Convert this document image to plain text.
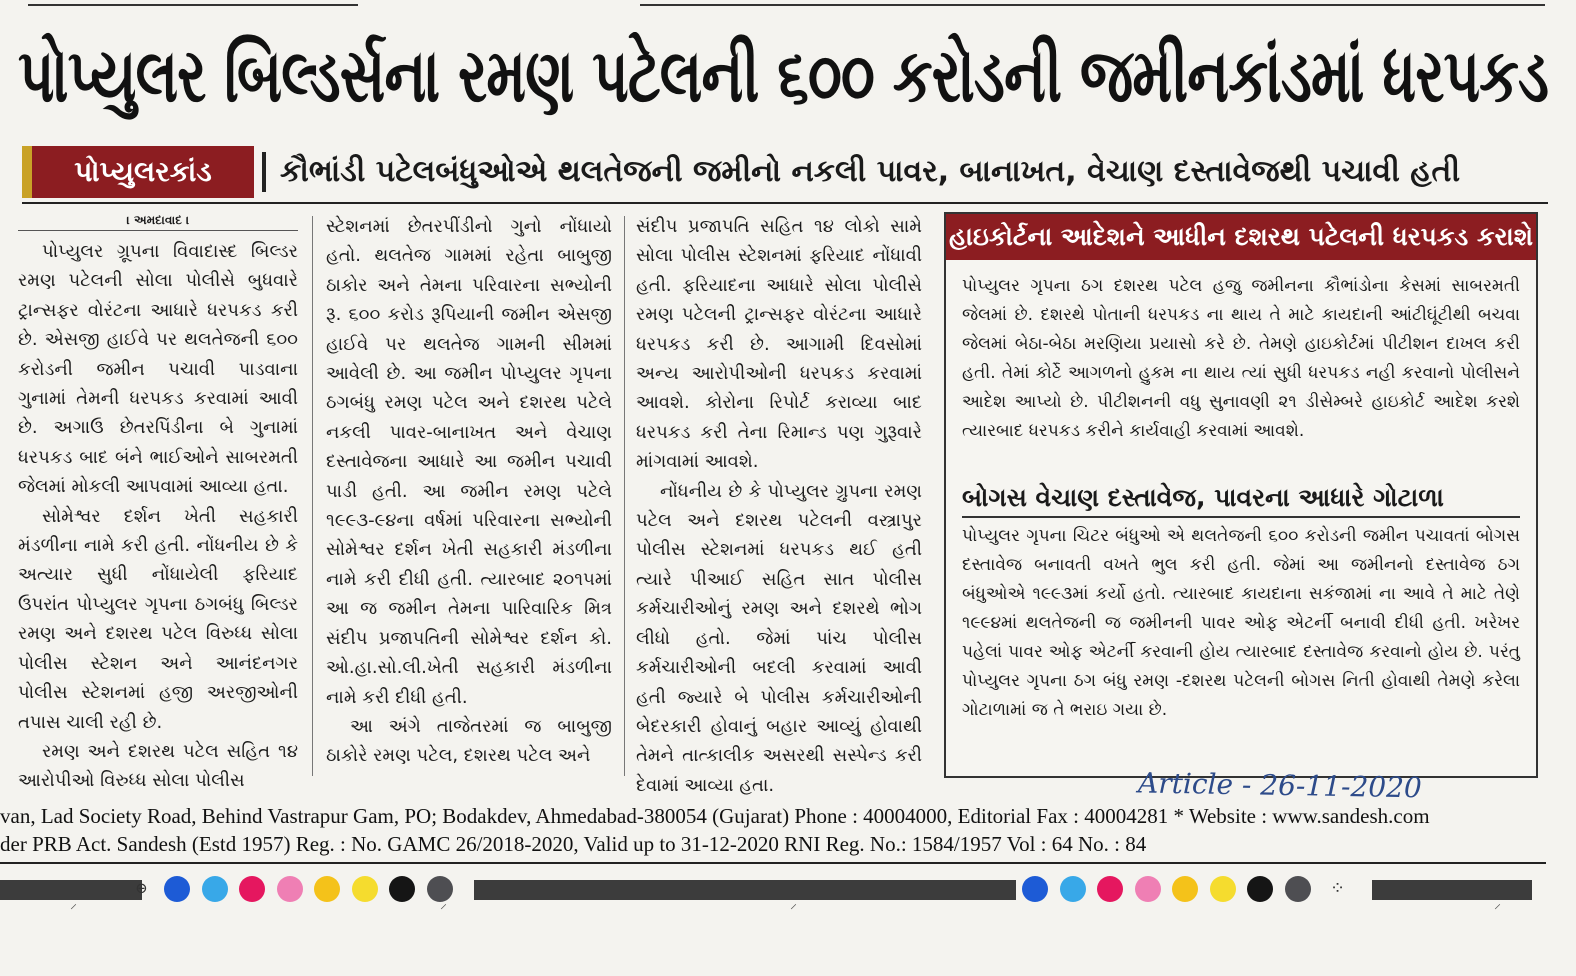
પોપ્યુલર બિલ્ડર્સના રમણ પટેલની ૬૦૦ કરોડની જમીનકાંડમાં ધરપકડ
પોપ્યુલરકાંડ	કૌભાંડી પટેલબંધુઓએ થલતેજની જમીનો નકલી પાવર, બાનાખત, વેચાણ દસ્તાવેજથી પચાવી હતી
। અમદાવાદ ।

પોપ્યુલર ગ્રૂપના વિવાદાસ્દ બિલ્ડર રમણ પટેલની સોલા પોલીસે બુધવારે ટ્રાન્સફર વોરંટના આધારે ધરપકડ કરી છે. એસજી હાઈવે પર થલતેજની ૬૦૦ કરોડની જમીન પચાવી પાડવાના ગુનામાં તેમની ધરપકડ કરવામાં આવી છે. અગાઉ છેતરપિંડીના બે ગુનામાં ધરપકડ બાદ બંને ભાઈઓને સાબરમતી જેલમાં મોકલી આપવામાં આવ્યા હતા.

સોમેશ્વર દર્શન ખેતી સહકારી મંડળીના નામે કરી હતી. નોંધનીય છે કે અત્યાર સુધી નોંધાયેલી ફરિયાદ ઉપરાંત પોપ્યુલર ગૃપના ઠગબંધુ બિલ્ડર રમણ અને દશરથ પટેલ વિરુધ્ધ સોલા પોલીસ સ્ટેશન અને આનંદનગર પોલીસ સ્ટેશનમાં હજી અરજીઓની તપાસ ચાલી રહી છે.

રમણ અને દશરથ પટેલ સહિત ૧૪ આરોપીઓ વિરુધ્ધ સોલા પોલીસ

સ્ટેશનમાં છેતરપીંડીનો ગુનો નોંધાયો હતો. થલતેજ ગામમાં રહેતા બાબુજી ઠાકોર અને તેમના પરિવારના સભ્યોની રૂ. ૬૦૦ કરોડ રૂપિયાની જમીન એસજી હાઈવે પર થલતેજ ગામની સીમમાં આવેલી છે. આ જમીન પોપ્યુલર ગૃપના ઠગબંધુ રમણ પટેલ અને દશરથ પટેલે નકલી પાવર-બાનાખત અને વેચાણ દસ્તાવેજના આધારે આ જમીન પચાવી પાડી હતી. આ જમીન રમણ પટેલે ૧૯૯૩-૯૪ના વર્ષમાં પરિવારના સભ્યોની સોમેશ્વર દર્શન ખેતી સહકારી મંડળીના નામે કરી દીધી હતી. ત્યારબાદ ૨૦૧૫માં આ જ જમીન તેમના પારિવારિક મિત્ર સંદીપ પ્રજાપતિની સોમેશ્વર દર્શન કો. ઓ.હા.સો.લી.ખેતી સહકારી મંડળીના નામે કરી દીધી હતી.

આ અંગે તાજેતરમાં જ બાબુજી ઠાકોરે રમણ પટેલ, દશરથ પટેલ અને

સંદીપ પ્રજાપતિ સહિત ૧૪ લોકો સામે સોલા પોલીસ સ્ટેશનમાં ફરિયાદ નોંધાવી હતી. ફરિયાદના આધારે સોલા પોલીસે રમણ પટેલની ટ્રાન્સફર વોરંટના આધારે ધરપકડ કરી છે. આગામી દિવસોમાં અન્ય આરોપીઓની ધરપકડ કરવામાં આવશે. કોરોના રિપોર્ટ કરાવ્યા બાદ ધરપકડ કરી તેના રિમાન્ડ પણ ગુરૂવારે માંગવામાં આવશે.

નોંધનીય છે કે પોપ્યુલર ગ્રુપના રમણ પટેલ અને દશરથ પટેલની વસ્ત્રાપુર પોલીસ સ્ટેશનમાં ધરપકડ થઈ હતી ત્યારે પીઆઈ સહિત સાત પોલીસ કર્મચારીઓનું રમણ અને દશરથે ભોગ લીધો હતો. જેમાં પાંચ પોલીસ કર્મચારીઓની બદલી કરવામાં આવી હતી જ્યારે બે પોલીસ કર્મચારીઓની બેદરકારી હોવાનું બહાર આવ્યું હોવાથી તેમને તાત્કાલીક અસરથી સસ્પેન્ડ કરી દેવામાં આવ્યા હતા.

હાઇકોર્ટના આદેશને આધીન દશરથ પટેલની ધરપકડ કરાશે
પોપ્યુલર ગૃપના ઠગ દશરથ પટેલ હજુ જમીનના કૌભાંડોના કેસમાં સાબરમતી જેલમાં છે. દશરથે પોતાની ધરપકડ ના થાય તે માટે કાયદાની આંટીઘૂંટીથી બચવા જેલમાં બેઠા-બેઠા મરણિયા પ્રયાસો કરે છે. તેમણે હાઇકોર્ટમાં પીટીશન દાખલ કરી હતી. તેમાં કોર્ટે આગળનો હુકમ ના થાય ત્યાં સુધી ધરપકડ નહી કરવાનો પોલીસને આદેશ આપ્યો છે. પીટીશનની વધુ સુનાવણી ૨૧ ડીસેમ્બરે હાઇકોર્ટ આદેશ કરશે ત્યારબાદ ધરપકડ કરીને કાર્યવાહી કરવામાં આવશે.
બોગસ વેચાણ દસ્તાવેજ, પાવરના આધારે ગોટાળા
પોપ્યુલર ગૃપના ચિટર બંધુઓ એ થલતેજની ૬૦૦ કરોડની જમીન પચાવતાં બોગસ દસ્તાવેજ બનાવતી વખતે ભુલ કરી હતી. જેમાં આ જમીનનો દસ્તાવેજ ઠગ બંધુઓએ ૧૯૯૩માં કર્યો હતો. ત્યારબાદ કાયદાના સકંજામાં ના આવે તે માટે તેણે ૧૯૯૪માં થલતેજની જ જમીનની પાવર ઓફ એટર્ની બનાવી દીધી હતી. ખરેખર પહેલાં પાવર ઓફ એટર્ની કરવાની હોય ત્યારબાદ દસ્તાવેજ કરવાનો હોય છે. પરંતુ પોપ્યુલર ગૃપના ઠગ બંધુ રમણ -દશરથ પટેલની બોગસ નિતી હોવાથી તેમણે કરેલા ગોટાળામાં જ તે ભરાઇ ગયા છે.
Article - 26-11-2020
van, Lad Society Road, Behind Vastrapur Gam, PO; Bodakdev, Ahmedabad-380054 (Gujarat) Phone : 40004000, Editorial Fax : 40004281 * Website : www.sandesh.com
der PRB Act. Sandesh (Estd 1957) Reg. : No. GAMC 26/2018-2020, Valid up to 31-12-2020 RNI Reg. No.: 1584/1957 Vol : 64 No. : 84
⊕	⁘
⸍	⸍	⸍	⸍
